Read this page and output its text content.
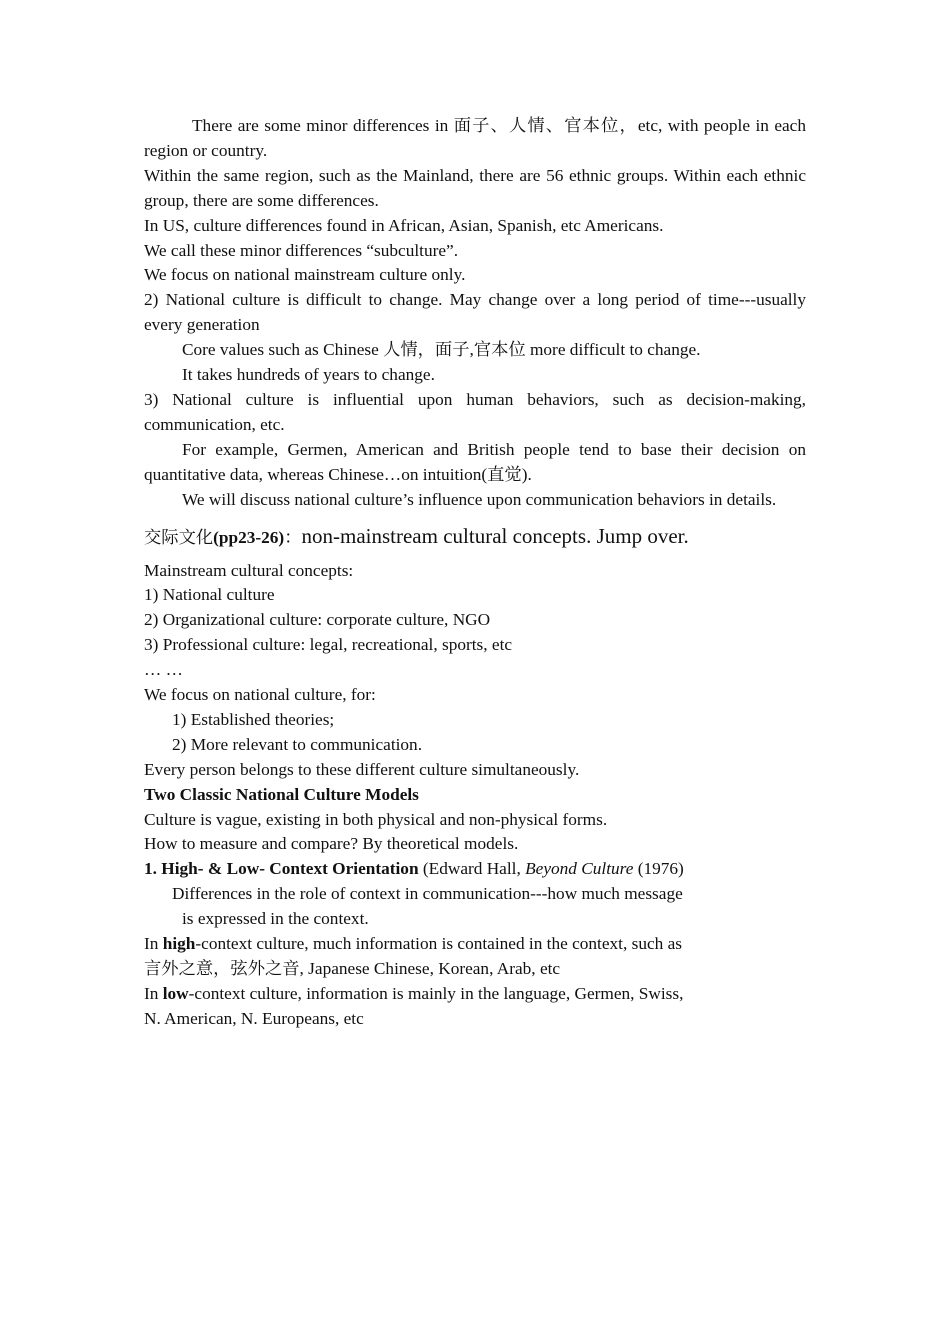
There are some minor differences in 面子、人情、官本位，etc, with people in each region or country.

Within the same region, such as the Mainland, there are 56 ethnic groups. Within each ethnic group, there are some differences.

In US, culture differences found in African, Asian, Spanish, etc Americans.

We call these minor differences “subculture”.

We focus on national mainstream culture only.

2) National culture is difficult to change. May change over a long period of time---usually every generation

Core values such as Chinese 人情，面子,官本位 more difficult to change.

It takes hundreds of years to change.

3) National culture is influential upon human behaviors, such as decision-making, communication, etc.

For example, Germen, American and British people tend to base their decision on quantitative data, whereas Chinese…on intuition(直觉).

We will discuss national culture’s influence upon communication behaviors in details.

交际文化(pp23-26)：non-mainstream cultural concepts. Jump over.

Mainstream cultural concepts:

1) National culture

2) Organizational culture: corporate culture, NGO

3) Professional culture: legal, recreational, sports, etc

… …

We focus on national culture, for:

1) Established theories;

2) More relevant to communication.

Every person belongs to these different culture simultaneously.

Two Classic National Culture Models

Culture is vague, existing in both physical and non-physical forms.

How to measure and compare? By theoretical models.

1. High- & Low- Context Orientation (Edward Hall, Beyond Culture (1976)

Differences in the role of context in communication---how much message

is expressed in the context.

In high-context culture, much information is contained in the context, such as

言外之意，弦外之音, Japanese Chinese, Korean, Arab, etc

In low-context culture, information is mainly in the language, Germen, Swiss,

N. American, N. Europeans, etc
